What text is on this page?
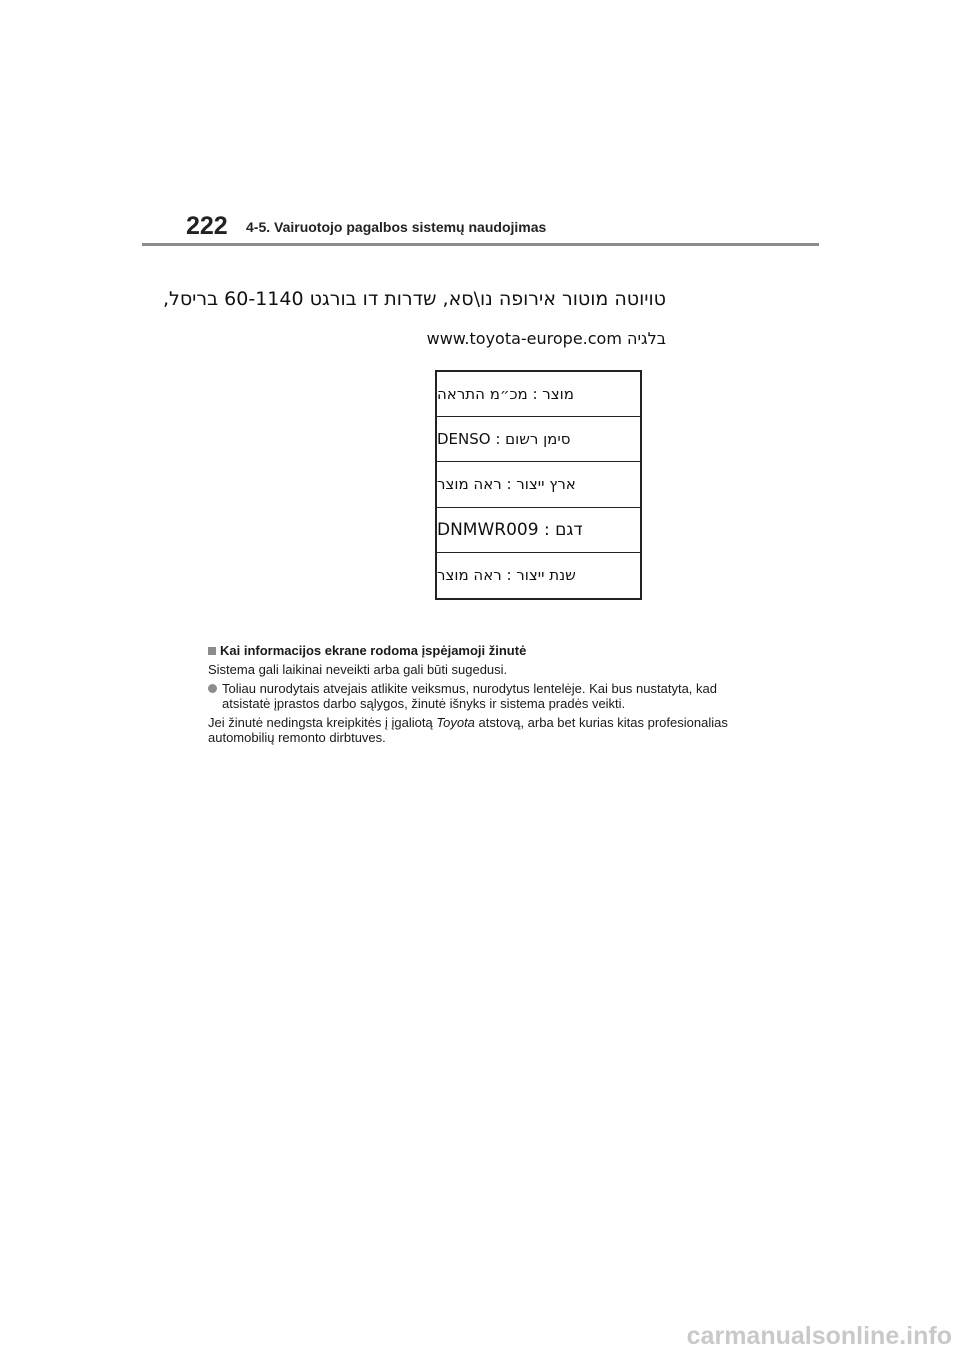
222 4-5. Vairuotojo pagalbos sistemų naudojimas
טויוטה מוטור אירופה נו\סא, שדרות דו בורגט 60-1140 בריסל,
בלגיה www.toyota-europe.com
מוצר : מכ״מ התראה
סימן רשום : DENSO
ארץ ייצור : ראה מוצר
דגם : DNMWR009
שנת ייצור : ראה מוצר
Kai informacijos ekrane rodoma įspėjamoji žinutė
Sistema gali laikinai neveikti arba gali būti sugedusi.
Toliau nurodytais atvejais atlikite veiksmus, nurodytus lentelėje. Kai bus nustatyta, kad atsistatė įprastos darbo sąlygos, žinutė išnyks ir sistema pradės veikti.
Jei žinutė nedingsta kreipkitės į įgaliotą Toyota atstovą, arba bet kurias kitas profesionalias automobilių remonto dirbtuves.
carmanualsonline.info
